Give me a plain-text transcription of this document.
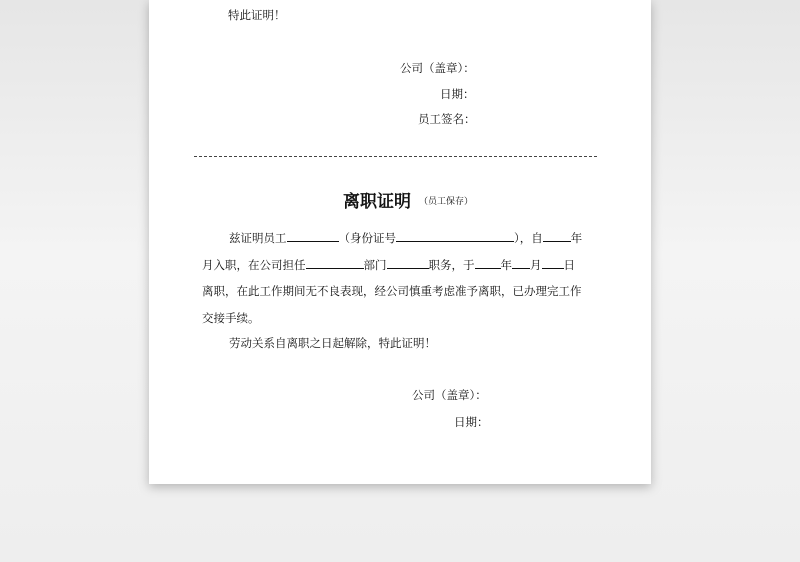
特此证明！
公司（盖章）：
日期：
员工签名：
离职证明 （员工保存）
兹证明员工	（身份证号	），自 年
月入职，在公司担任	部门	职务，于 年 月 日
离职，在此工作期间无不良表现，经公司慎重考虑准予离职，已办理完工作
交接手续。
劳动关系自离职之日起解除，特此证明！
公司（盖章）：
日期：
